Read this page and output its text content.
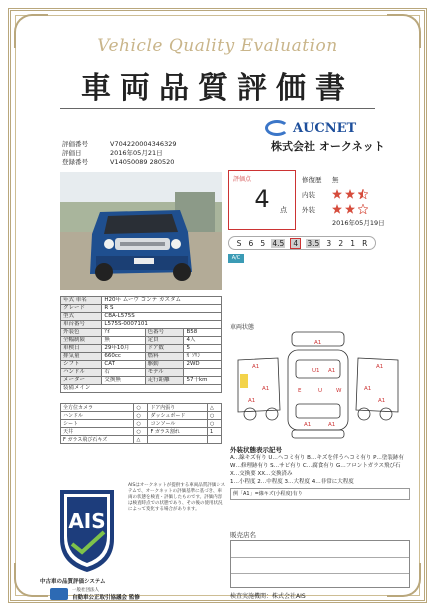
Vehicle Quality Evaluation
車両品質評価書
評価番号	V704220004346329
評価日	2016年05月21日
登録番号	V14050089 280520
AUCNET
株式会社 オークネット
評価点
4	点
修復歴	無
内装

外装

2016年05月19日
S 6 5 4.5	4	3.5 3 2 1 R
A/C
年式 車名	H20年 ムーヴ コンテ カスタム		
グレード	R S		
型式	CBA-L575S		
車台番号	L575S-0007101		
外装色	ｱｵ	色番号	B58
全幅制限	無	定員	4人
車検日	29年10月	ドア数	5
排気量	660cc	燃料	ｶﾞｿﾘﾝ
シフト	CAT	駆動	2WD
ハンドル	右	モデル	
メーター	交換無	走行距離	57千km
装備メイン			
全方位カメラ	○	ドア内張り	△
ハンドル	○	ダッシュボード	○
シート	○	コンソール	○
天井	○	F ガラス割れ	1
F ガラス飛び石キズ	△		
車両状態
A1
A1
U1 A1
A1
A1
A1
E	U	W
A1	A1
A1	A1
外装状態表示記号
A…線キズ有り U…ヘコミ有り B…キズを伴うヘコミ有り P…塗装跡有
W…修理跡有り S…サビ有り C…腐食有り G…フロントガラス飛び石
X…交換要 XX…交換済み
1…小程度 2…中程度 3…大程度 4…非常に大程度
例「A1」=線キズ(小程度)有り
販売店名
検査実施機関：株式会社AIS
AISはオークネットが提供する車両品質評価システムで、オークネットの評価基準に基づき、車両の状態を検査・評価したものです。評価内容は検査時点での状態であり、その後の使用状況によって変化する場合があります。
AIS
中古車の品質評価システム
一般社団法人
自動車公正取引協議会 監修
